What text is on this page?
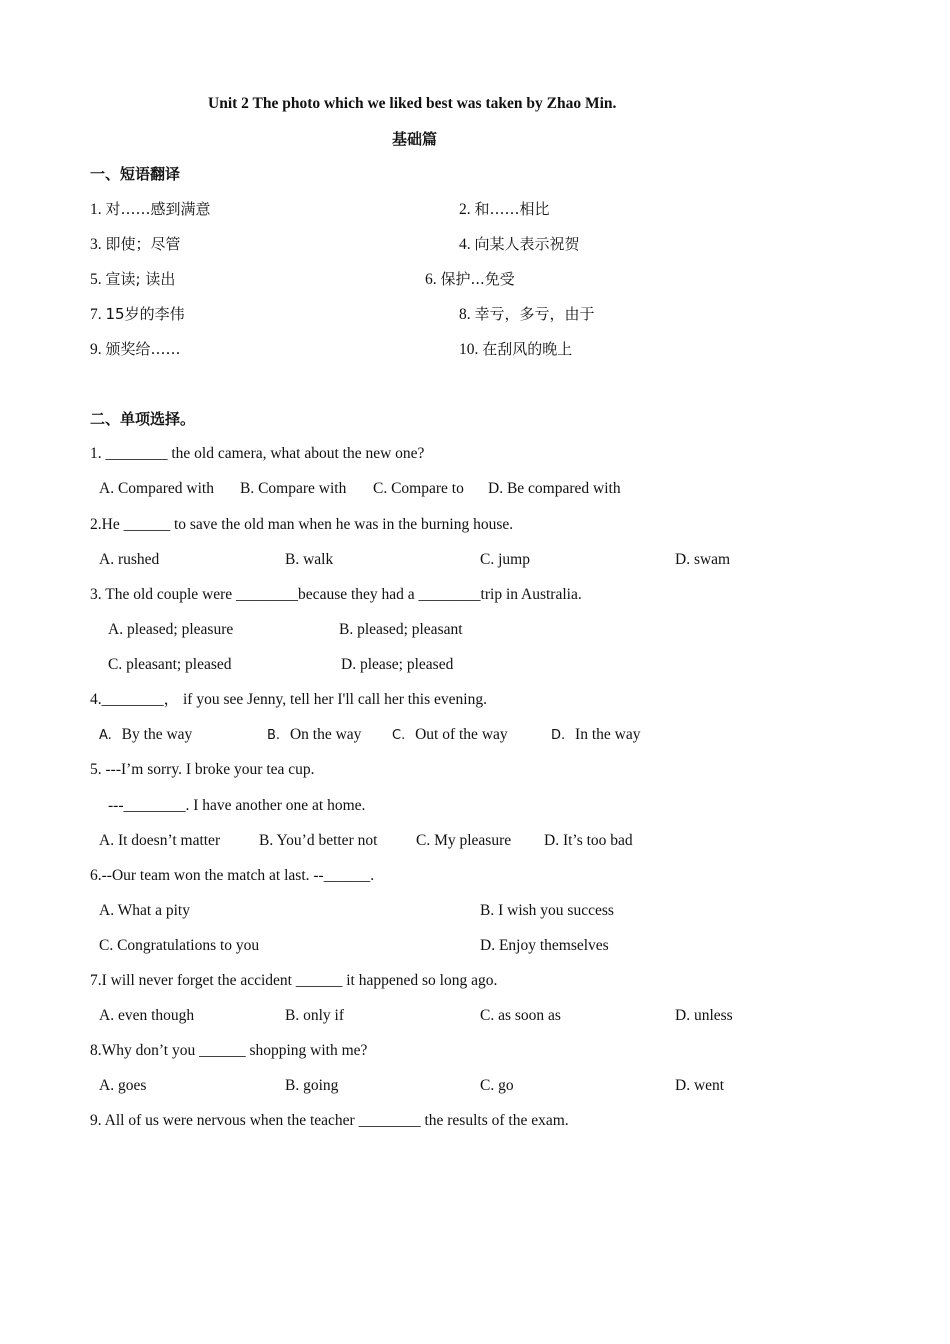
Unit 2 The photo which we liked best was taken by Zhao Min.
基础篇
一、短语翻译
1. 对……感到满意	2. 和……相比
3. 即使；尽管	4. 向某人表示祝贺
5. 宣读; 读出	6. 保护...免受
7. 15岁的李伟	8. 幸亏，多亏，由于
9. 颁奖给……	10. 在刮风的晚上
二、单项选择。
1. ________ the old camera, what about the new one?
A. Compared with B. Compare with C. Compare to D. Be compared with
2.He ______ to save the old man when he was in the burning house.
A. rushed	B. walk	C. jump	D. swam
3. The old couple were ________because they had a ________trip in Australia.
A. pleased; pleasure	B. pleased; pleasant
C. pleasant; pleased	D. please; pleased
4.________， if you see Jenny, tell her I'll call her this evening.
A. By the way	B. On the way C. Out of the way	D. In the way
5. ---I’m sorry. I broke your tea cup.
---________. I have another one at home.
A. It doesn’t matter	B. You’d better not C. My pleasure D. It’s too bad
6.--Our team won the match at last. --______.
A. What a pity	B. I wish you success
C. Congratulations to you	D. Enjoy themselves
7.I will never forget the accident ______ it happened so long ago.
A. even though	B. only if	C. as soon as	D. unless
8.Why don’t you ______ shopping with me?
A. goes	B. going	C. go	D. went
9. All of us were nervous when the teacher ________ the results of the exam.
